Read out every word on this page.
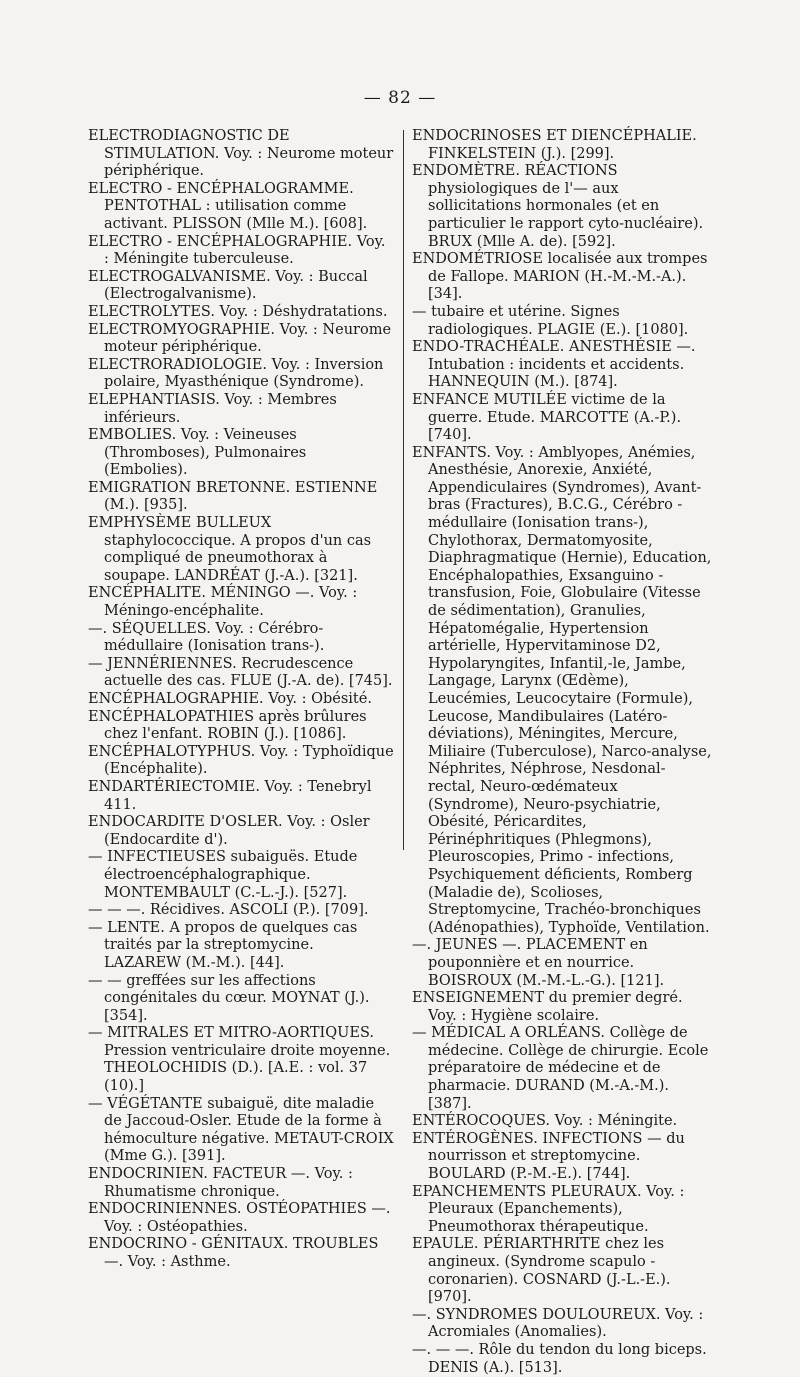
— 82 —

ELECTRODIAGNOSTIC DE STIMULATION. Voy. : Neurome moteur périphérique.

ELECTRO - ENCÉPHALOGRAMME. PENTOTHAL : utilisation comme activant. PLISSON (Mlle M.). [608].

ELECTRO - ENCÉPHALOGRAPHIE. Voy. : Méningite tuberculeuse.

ELECTROGALVANISME. Voy. : Buccal (Electrogalvanisme).

ELECTROLYTES. Voy. : Déshydratations.

ELECTROMYOGRAPHIE. Voy. : Neurome moteur périphérique.

ELECTRORADIOLOGIE. Voy. : Inversion polaire, Myasthénique (Syndrome).

ELEPHANTIASIS. Voy. : Membres inférieurs.

EMBOLIES. Voy. : Veineuses (Thromboses), Pulmonaires (Embolies).

EMIGRATION BRETONNE. ESTIENNE (M.). [935].

EMPHYSÈME BULLEUX staphylococcique. A propos d'un cas compliqué de pneumothorax à soupape. LANDRÉAT (J.-A.). [321].

ENCÉPHALITE. MÉNINGO —. Voy. : Méningo-encéphalite.

—. SÉQUELLES. Voy. : Cérébro-médullaire (Ionisation trans-).

— JENNÉRIENNES. Recrudescence actuelle des cas. FLUE (J.-A. de). [745].

ENCÉPHALOGRAPHIE. Voy. : Obésité.

ENCÉPHALOPATHIES après brûlures chez l'enfant. ROBIN (J.). [1086].

ENCÉPHALOTYPHUS. Voy. : Typhoïdique (Encéphalite).

ENDARTÉRIECTOMIE. Voy. : Tenebryl 411.

ENDOCARDITE D'OSLER. Voy. : Osler (Endocardite d').

— INFECTIEUSES subaiguës. Etude électroencéphalographique. MONTEMBAULT (C.-L.-J.). [527].

— — —. Récidives. ASCOLI (P.). [709].

— LENTE. A propos de quelques cas traités par la streptomycine. LAZAREW (M.-M.). [44].

— — greffées sur les affections congénitales du cœur. MOYNAT (J.). [354].

— MITRALES ET MITRO-AORTIQUES. Pression ventriculaire droite moyenne. THEOLOCHIDIS (D.). [A.E. : vol. 37 (10).]

— VÉGÉTANTE subaiguë, dite maladie de Jaccoud-Osler. Etude de la forme à hémoculture négative. METAUT-CROIX (Mme G.). [391].

ENDOCRINIEN. FACTEUR —. Voy. : Rhumatisme chronique.

ENDOCRINIENNES. OSTÉOPATHIES —. Voy. : Ostéopathies.

ENDOCRINO - GÉNITAUX. TROUBLES —. Voy. : Asthme.

ENDOCRINOSES ET DIENCÉPHALIE. FINKELSTEIN (J.). [299].

ENDOMÈTRE. RÉACTIONS physiologiques de l'— aux sollicitations hormonales (et en particulier le rapport cyto-nucléaire). BRUX (Mlle A. de). [592].

ENDOMÉTRIOSE localisée aux trompes de Fallope. MARION (H.-M.-M.-A.). [34].

— tubaire et utérine. Signes radiologiques. PLAGIE (E.). [1080].

ENDO-TRACHÉALE. ANESTHÉSIE —. Intubation : incidents et accidents. HANNEQUIN (M.). [874].

ENFANCE MUTILÉE victime de la guerre. Etude. MARCOTTE (A.-P.). [740].

ENFANTS. Voy. : Amblyopes, Anémies, Anesthésie, Anorexie, Anxiété, Appendiculaires (Syndromes), Avant-bras (Fractures), B.C.G., Cérébro - médullaire (Ionisation trans-), Chylothorax, Dermatomyosite, Diaphragmatique (Hernie), Education, Encéphalopathies, Exsanguino - transfusion, Foie, Globulaire (Vitesse de sédimentation), Granulies, Hépatomégalie, Hypertension artérielle, Hypervitaminose D2, Hypolaryngites, Infantil,-le, Jambe, Langage, Larynx (Œdème), Leucémies, Leucocytaire (Formule), Leucose, Mandibulaires (Latéro-déviations), Méningites, Mercure, Miliaire (Tuberculose), Narco-analyse, Néphrites, Néphrose, Nesdonal-rectal, Neuro-œdémateux (Syndrome), Neuro-psychiatrie, Obésité, Péricardites, Périnéphritiques (Phlegmons), Pleuroscopies, Primo - infections, Psychiquement déficients, Romberg (Maladie de), Scolioses, Streptomycine, Trachéo-bronchiques (Adénopathies), Typhoïde, Ventilation.

—. JEUNES —. PLACEMENT en pouponnière et en nourrice. BOISROUX (M.-M.-L.-G.). [121].

ENSEIGNEMENT du premier degré. Voy. : Hygiène scolaire.

— MÉDICAL A ORLÉANS. Collège de médecine. Collège de chirurgie. Ecole préparatoire de médecine et de pharmacie. DURAND (M.-A.-M.). [387].

ENTÉROCOQUES. Voy. : Méningite.

ENTÉROGÈNES. INFECTIONS — du nourrisson et streptomycine. BOULARD (P.-M.-E.). [744].

EPANCHEMENTS PLEURAUX. Voy. : Pleuraux (Epanchements), Pneumothorax thérapeutique.

EPAULE. PÉRIARTHRITE chez les angineux. (Syndrome scapulo - coronarien). COSNARD (J.-L.-E.). [970].

—. SYNDROMES DOULOUREUX. Voy. : Acromiales (Anomalies).

—. — —. Rôle du tendon du long biceps. DENIS (A.). [513].
